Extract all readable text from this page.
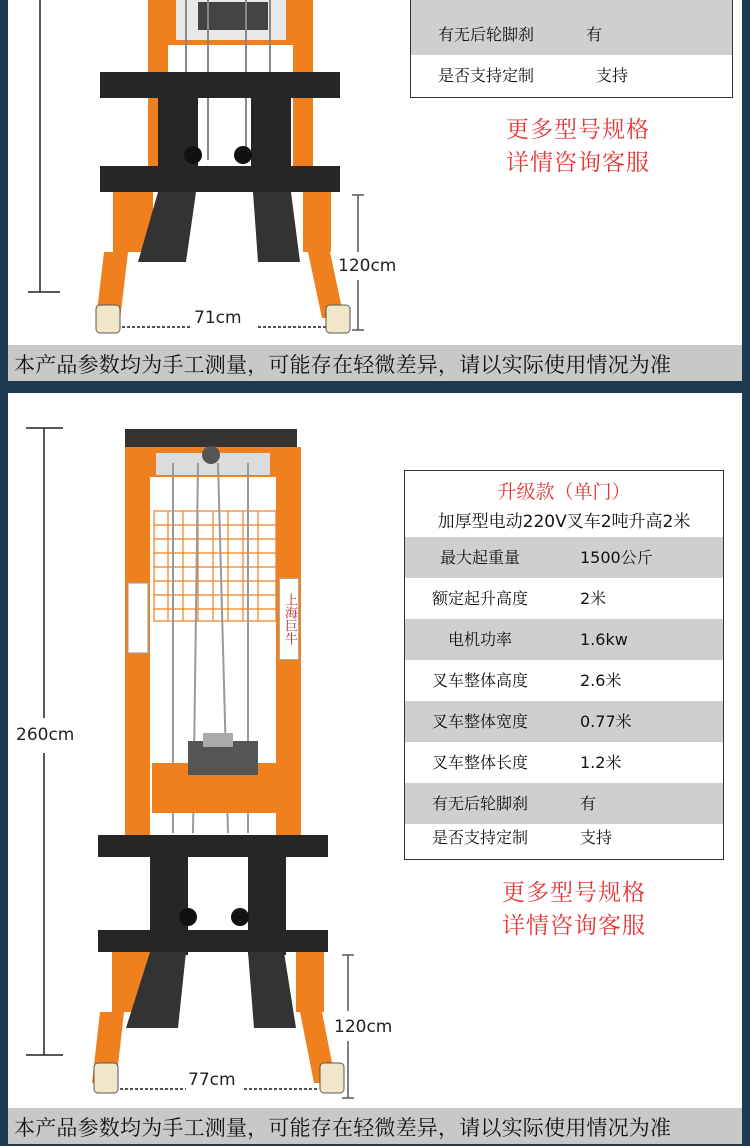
71cm
120cm
有无后轮脚刹	有
是否支持定制	支持
更多型号规格
详情咨询客服
本产品参数均为手工测量，可能存在轻微差异，请以实际使用情况为准
上海巨牛
260cm
77cm
120cm
升级款（单门）
加厚型电动220V叉车2吨升高2米
最大起重量	1500公斤
额定起升高度	2米
电机功率	1.6kw
叉车整体高度	2.6米
叉车整体宽度	0.77米
叉车整体长度	1.2米
有无后轮脚刹	有
是否支持定制	支持
更多型号规格
详情咨询客服
本产品参数均为手工测量，可能存在轻微差异，请以实际使用情况为准
